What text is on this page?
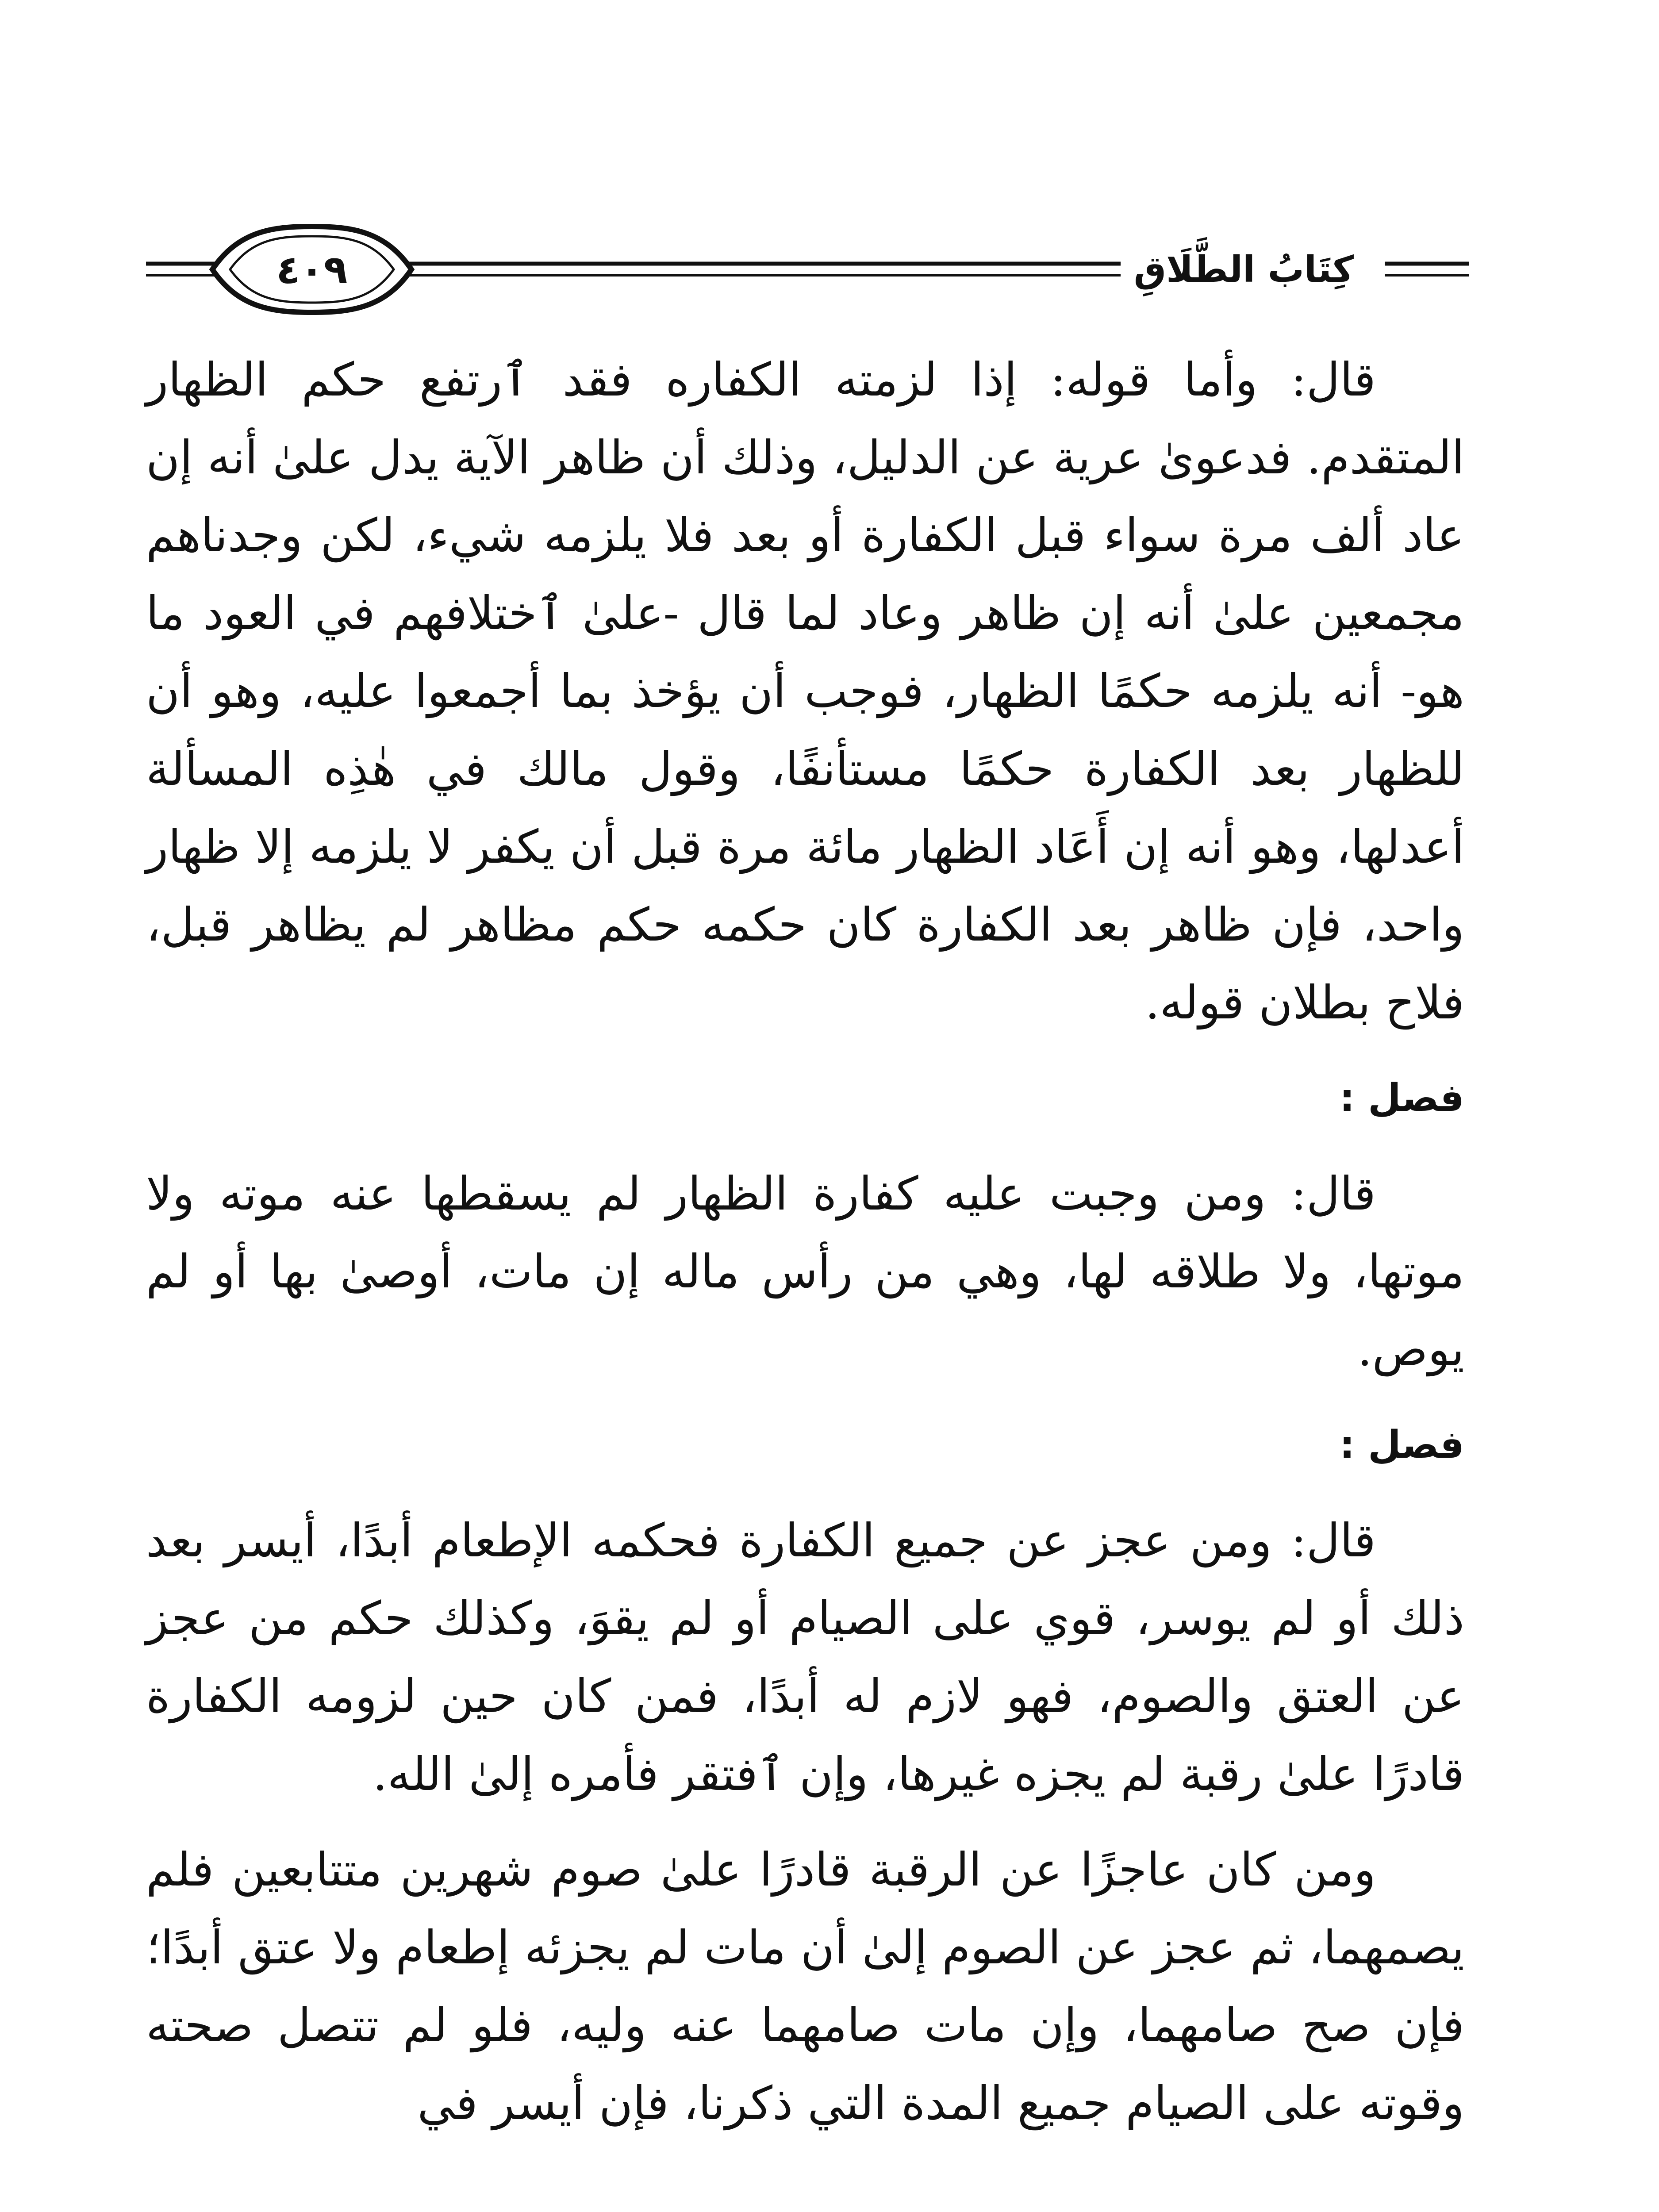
كِتَابُ الطَّلَاقِ
٤٠٩

قال: وأما قوله: إذا لزمته الكفاره فقد ٱرتفع حكم الظهار المتقدم. فدعوىٰ عرية عن الدليل، وذلك أن ظاهر الآية يدل علىٰ أنه إن عاد ألف مرة سواء قبل الكفارة أو بعد فلا يلزمه شيء، لكن وجدناهم مجمعين علىٰ أنه إن ظاهر وعاد لما قال -علىٰ ٱختلافهم في العود ما هو- أنه يلزمه حكمًا الظهار، فوجب أن يؤخذ بما أجمعوا عليه، وهو أن للظهار بعد الكفارة حكمًا مستأنفًا، وقول مالك في هٰذِه المسألة أعدلها، وهو أنه إن أَعَاد الظهار مائة مرة قبل أن يكفر لا يلزمه إلا ظهار واحد، فإن ظاهر بعد الكفارة كان حكمه حكم مظاهر لم يظاهر قبل، فلاح بطلان قوله.

فصل :

قال: ومن وجبت عليه كفارة الظهار لم يسقطها عنه موته ولا موتها، ولا طلاقه لها، وهي من رأس ماله إن مات، أوصىٰ بها أو لم يوص.

فصل :

قال: ومن عجز عن جميع الكفارة فحكمه الإطعام أبدًا، أيسر بعد ذلك أو لم يوسر، قوي على الصيام أو لم يقوَ، وكذلك حكم من عجز عن العتق والصوم، فهو لازم له أبدًا، فمن كان حين لزومه الكفارة قادرًا علىٰ رقبة لم يجزه غيرها، وإن ٱفتقر فأمره إلىٰ الله.

ومن كان عاجزًا عن الرقبة قادرًا علىٰ صوم شهرين متتابعين فلم يصمهما، ثم عجز عن الصوم إلىٰ أن مات لم يجزئه إطعام ولا عتق أبدًا؛ فإن صح صامهما، وإن مات صامهما عنه وليه، فلو لم تتصل صحته وقوته على الصيام جميع المدة التي ذكرنا، فإن أيسر في
